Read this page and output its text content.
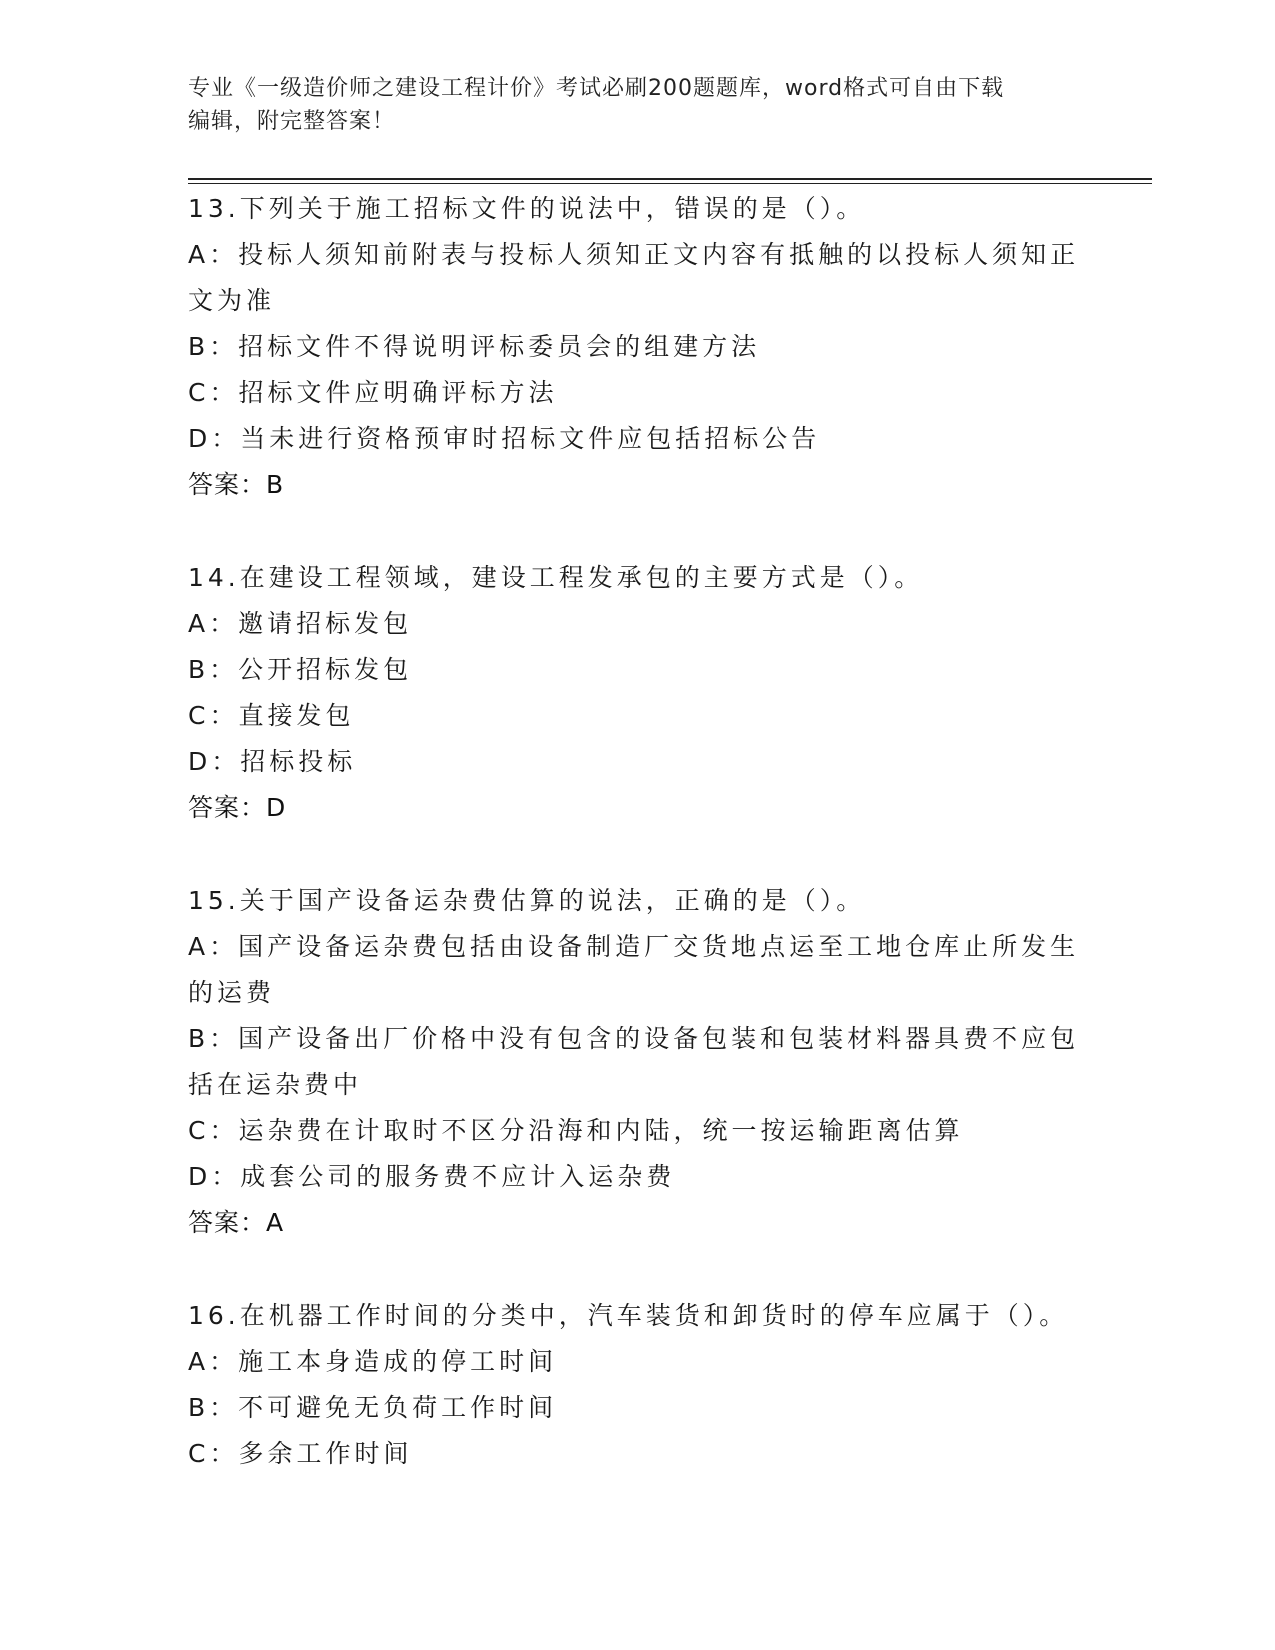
专业《一级造价师之建设工程计价》考试必刷200题题库，word格式可自由下载
编辑，附完整答案！
13.下列关于施工招标文件的说法中，错误的是（）。
A：投标人须知前附表与投标人须知正文内容有抵触的以投标人须知正文为准
B：招标文件不得说明评标委员会的组建方法
C：招标文件应明确评标方法
D：当未进行资格预审时招标文件应包括招标公告
答案：B
14.在建设工程领域，建设工程发承包的主要方式是（）。
A：邀请招标发包
B：公开招标发包
C：直接发包
D：招标投标
答案：D
15.关于国产设备运杂费估算的说法，正确的是（）。
A：国产设备运杂费包括由设备制造厂交货地点运至工地仓库止所发生的运费
B：国产设备出厂价格中没有包含的设备包装和包装材料器具费不应包括在运杂费中
C：运杂费在计取时不区分沿海和内陆，统一按运输距离估算
D：成套公司的服务费不应计入运杂费
答案：A
16.在机器工作时间的分类中，汽车装货和卸货时的停车应属于（）。
A：施工本身造成的停工时间
B：不可避免无负荷工作时间
C：多余工作时间
